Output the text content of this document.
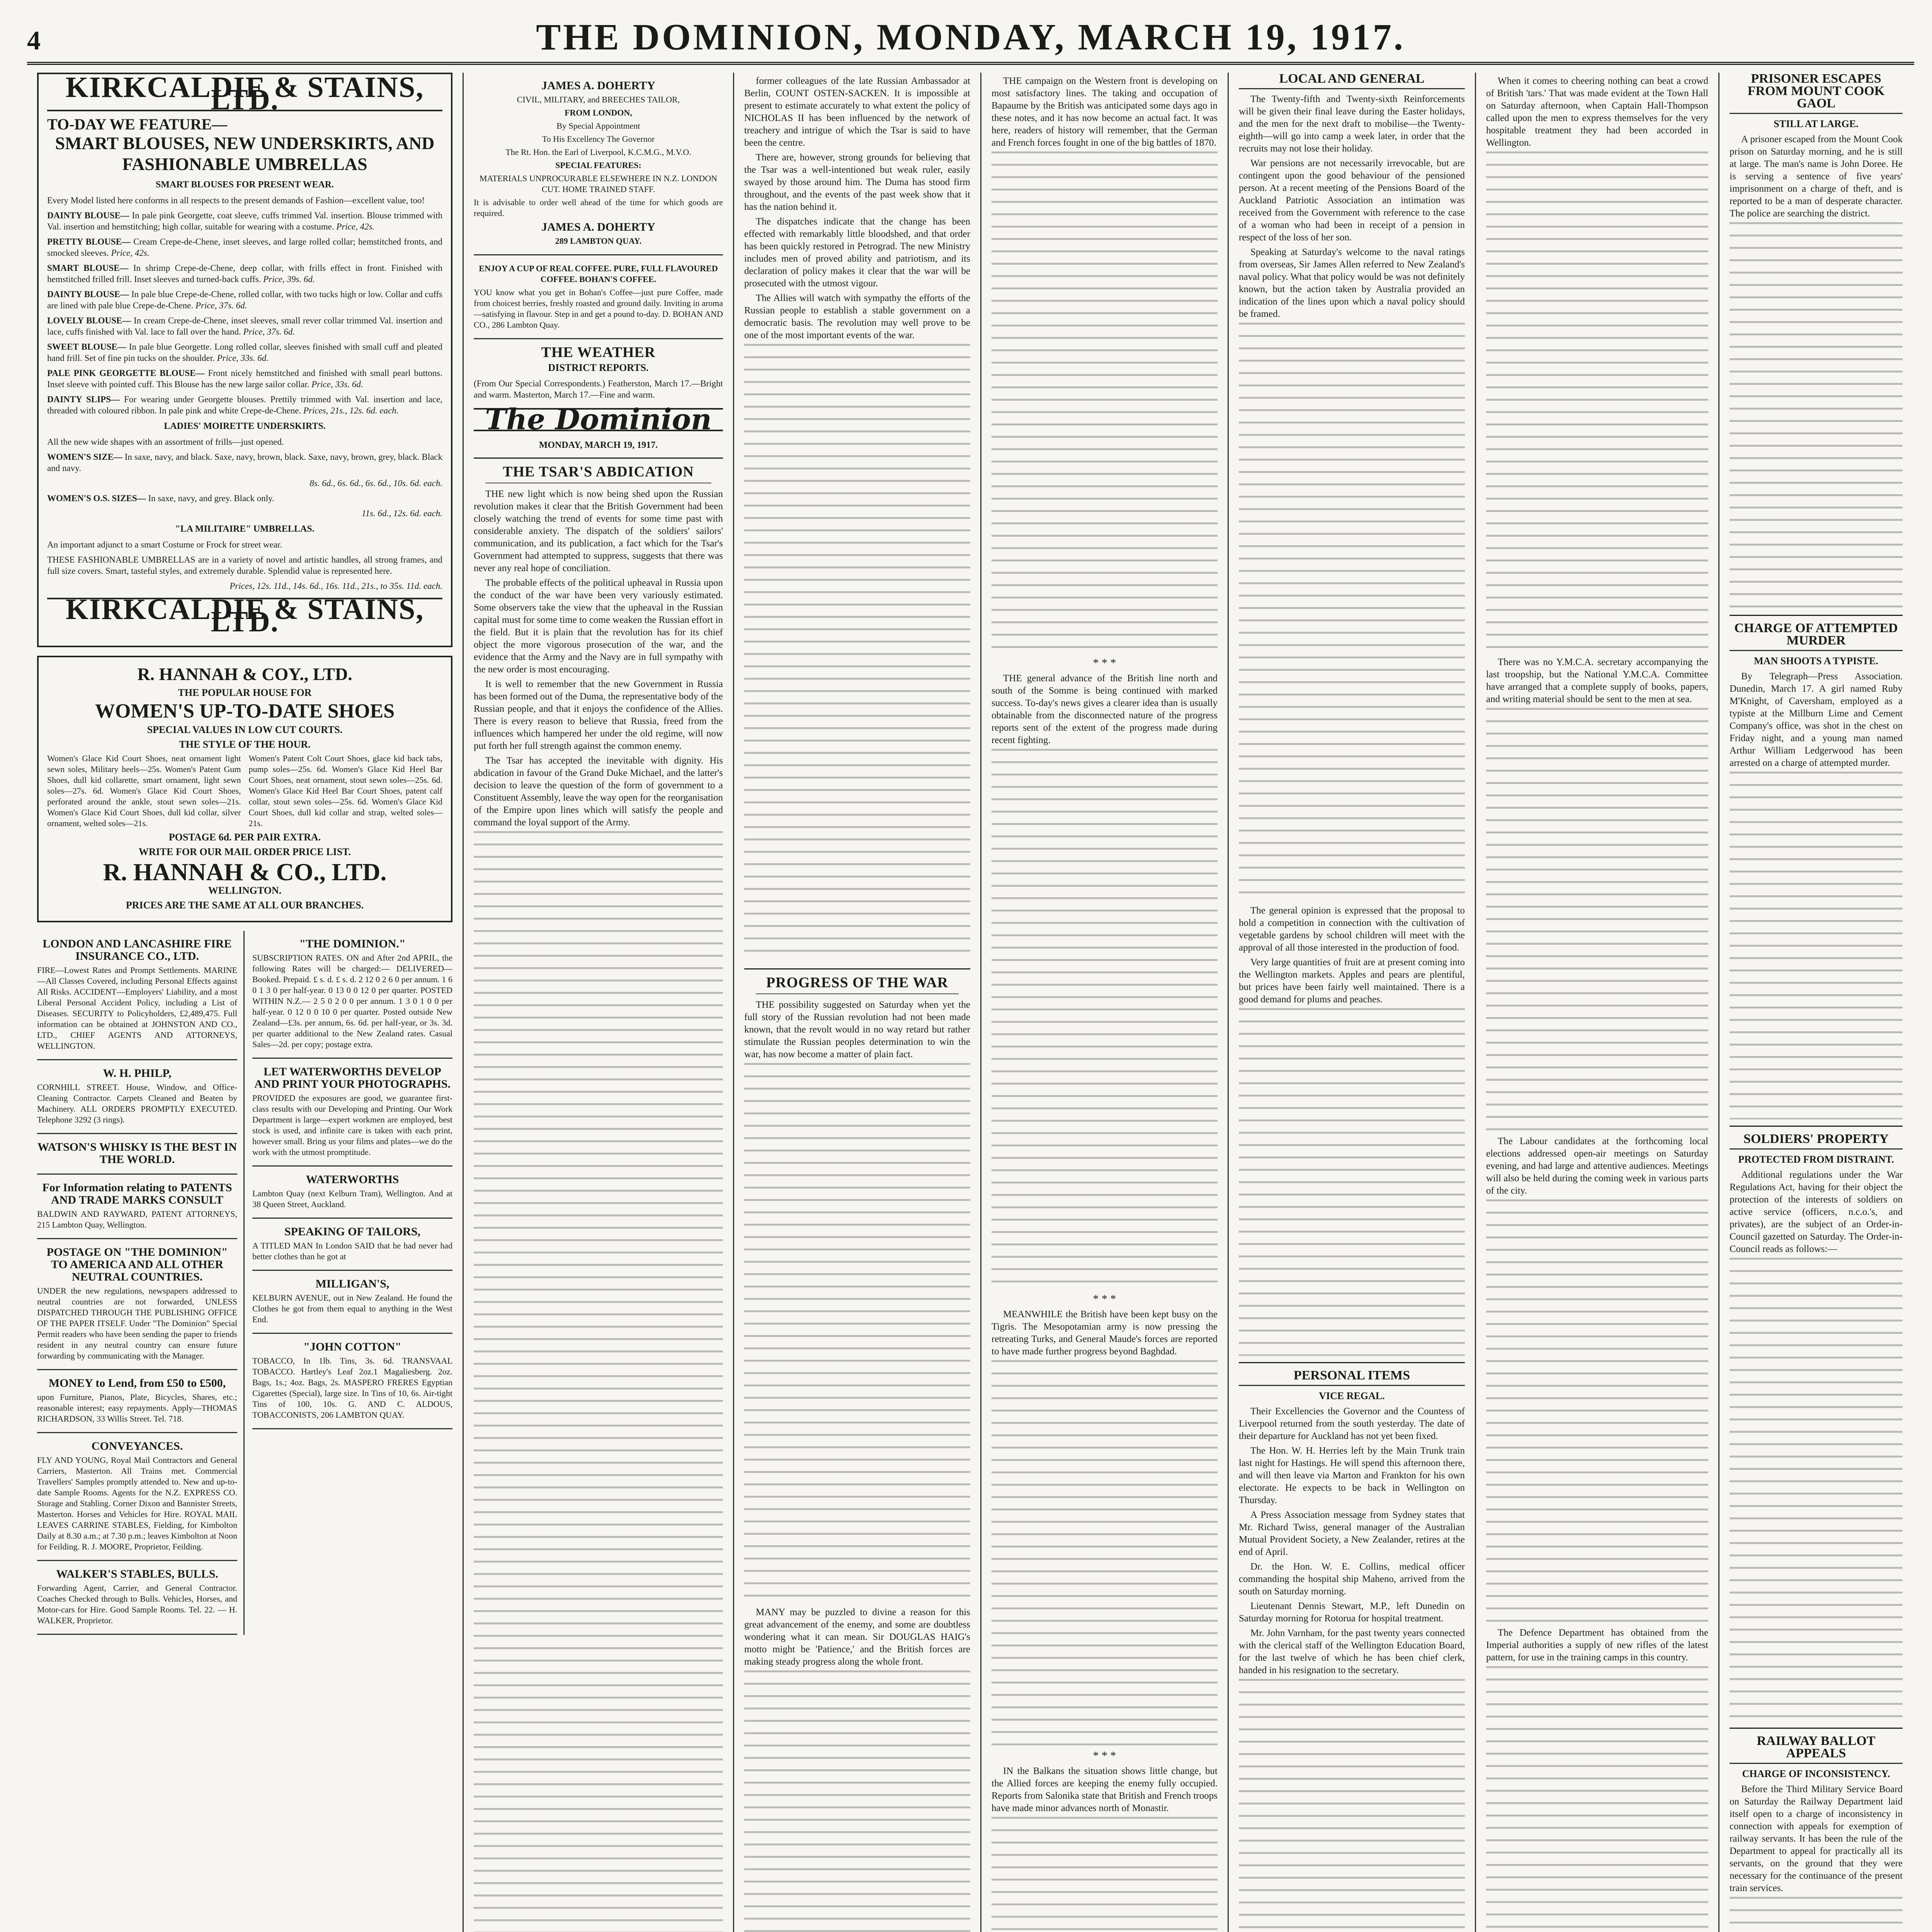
4	THE DOMINION, MONDAY, MARCH 19, 1917.
KIRKCALDIE & STAINS, LTD.
TO-DAY WE FEATURE—
SMART BLOUSES, NEW UNDERSKIRTS, AND FASHIONABLE UMBRELLAS
SMART BLOUSES FOR PRESENT WEAR.
Every Model listed here conforms in all respects to the present demands of Fashion—excellent value, too!
DAINTY BLOUSE— In pale pink Georgette, coat sleeve, cuffs trimmed Val. insertion. Blouse trimmed with Val. insertion and hemstitching; high collar, suitable for wearing with a costume. Price, 42s.
PRETTY BLOUSE— Cream Crepe-de-Chene, inset sleeves, and large rolled collar; hemstitched fronts, and smocked sleeves. Price, 42s.
SMART BLOUSE— In shrimp Crepe-de-Chene, deep collar, with frills effect in front. Finished with hemstitched frilled frill. Inset sleeves and turned-back cuffs. Price, 39s. 6d.
DAINTY BLOUSE— In pale blue Crepe-de-Chene, rolled collar, with two tucks high or low. Collar and cuffs are lined with pale blue Crepe-de-Chene. Price, 37s. 6d.
LOVELY BLOUSE— In cream Crepe-de-Chene, inset sleeves, small rever collar trimmed Val. insertion and lace, cuffs finished with Val. lace to fall over the hand. Price, 37s. 6d.
SWEET BLOUSE— In pale blue Georgette. Long rolled collar, sleeves finished with small cuff and pleated hand frill. Set of fine pin tucks on the shoulder. Price, 33s. 6d.
PALE PINK GEORGETTE BLOUSE— Front nicely hemstitched and finished with small pearl buttons. Inset sleeve with pointed cuff. This Blouse has the new large sailor collar. Price, 33s. 6d.
DAINTY SLIPS— For wearing under Georgette blouses. Prettily trimmed with Val. insertion and lace, threaded with coloured ribbon. In pale pink and white Crepe-de-Chene. Prices, 21s., 12s. 6d. each.
LADIES' MOIRETTE UNDERSKIRTS.
All the new wide shapes with an assortment of frills—just opened.
WOMEN'S SIZE— In saxe, navy, and black. Saxe, navy, brown, black. Saxe, navy, brown, grey, black. Black and navy.
8s. 6d., 6s. 6d., 6s. 6d., 10s. 6d. each.
WOMEN'S O.S. SIZES— In saxe, navy, and grey. Black only.
11s. 6d., 12s. 6d. each.
"LA MILITAIRE" UMBRELLAS.
An important adjunct to a smart Costume or Frock for street wear.
THESE FASHIONABLE UMBRELLAS are in a variety of novel and artistic handles, all strong frames, and full size covers. Smart, tasteful styles, and extremely durable. Splendid value is represented here.
Prices, 12s. 11d., 14s. 6d., 16s. 11d., 21s., to 35s. 11d. each.
KIRKCALDIE & STAINS, LTD.
R. HANNAH & COY., LTD.
THE POPULAR HOUSE FOR
WOMEN'S UP-TO-DATE SHOES
SPECIAL VALUES IN LOW CUT COURTS.
THE STYLE OF THE HOUR.
Women's Glace Kid Court Shoes, neat ornament light sewn soles, Military heels—25s. Women's Patent Gum Shoes, dull kid collarette, smart ornament, light sewn soles—27s. 6d. Women's Glace Kid Court Shoes, perforated around the ankle, stout sewn soles—21s. Women's Glace Kid Court Shoes, dull kid collar, silver ornament, welted soles—21s.
Women's Patent Colt Court Shoes, glace kid back tabs, pump soles—25s. 6d. Women's Glace Kid Heel Bar Court Shoes, neat ornament, stout sewn soles—25s. 6d. Women's Glace Kid Heel Bar Court Shoes, patent calf collar, stout sewn soles—25s. 6d. Women's Glace Kid Court Shoes, dull kid collar and strap, welted soles—21s.
POSTAGE 6d. PER PAIR EXTRA.
WRITE FOR OUR MAIL ORDER PRICE LIST.
R. HANNAH & CO., LTD.
WELLINGTON.
PRICES ARE THE SAME AT ALL OUR BRANCHES.
LONDON AND LANCASHIRE FIRE INSURANCE CO., LTD.

FIRE—Lowest Rates and Prompt Settlements. MARINE—All Classes Covered, including Personal Effects against All Risks. ACCIDENT—Employers' Liability, and a most Liberal Personal Accident Policy, including a List of Diseases. SECURITY to Policyholders, £2,489,475. Full information can be obtained at JOHNSTON AND CO., LTD., CHIEF AGENTS AND ATTORNEYS, WELLINGTON.

W. H. PHILP,

CORNHILL STREET. House, Window, and Office-Cleaning Contractor. Carpets Cleaned and Beaten by Machinery. ALL ORDERS PROMPTLY EXECUTED. Telephone 3292 (3 rings).

WATSON'S WHISKY IS THE BEST IN THE WORLD.

For Information relating to PATENTS AND TRADE MARKS CONSULT

BALDWIN AND RAYWARD, PATENT ATTORNEYS, 215 Lambton Quay, Wellington.

POSTAGE ON "THE DOMINION" TO AMERICA AND ALL OTHER NEUTRAL COUNTRIES.

UNDER the new regulations, newspapers addressed to neutral countries are not forwarded, UNLESS DISPATCHED THROUGH THE PUBLISHING OFFICE OF THE PAPER ITSELF. Under "The Dominion" Special Permit readers who have been sending the paper to friends resident in any neutral country can ensure future forwarding by communicating with the Manager.

MONEY to Lend, from £50 to £500,

upon Furniture, Pianos, Plate, Bicycles, Shares, etc.; reasonable interest; easy repayments. Apply—THOMAS RICHARDSON, 33 Willis Street. Tel. 718.

CONVEYANCES.

FLY AND YOUNG, Royal Mail Contractors and General Carriers, Masterton. All Trains met. Commercial Travellers' Samples promptly attended to. New and up-to-date Sample Rooms. Agents for the N.Z. EXPRESS CO. Storage and Stabling. Corner Dixon and Bannister Streets, Masterton. Horses and Vehicles for Hire. ROYAL MAIL LEAVES CARRINE STABLES, Fielding, for Kimbolton Daily at 8.30 a.m.; at 7.30 p.m.; leaves Kimbolton at Noon for Feilding. R. J. MOORE, Proprietor, Feilding.

WALKER'S STABLES, BULLS.

Forwarding Agent, Carrier, and General Contractor. Coaches Checked through to Bulls. Vehicles, Horses, and Motor-cars for Hire. Good Sample Rooms. Tel. 22. — H. WALKER, Proprietor.

"THE DOMINION."

SUBSCRIPTION RATES. ON and After 2nd APRIL, the following Rates will be charged:— DELIVERED— Booked. Prepaid. £ s. d. £ s. d. 2 12 0 2 6 0 per annum. 1 6 0 1 3 0 per half-year. 0 13 0 0 12 0 per quarter. POSTED WITHIN N.Z.— 2 5 0 2 0 0 per annum. 1 3 0 1 0 0 per half-year. 0 12 0 0 10 0 per quarter. Posted outside New Zealand—£3s. per annum, 6s. 6d. per half-year, or 3s. 3d. per quarter additional to the New Zealand rates. Casual Sales—2d. per copy; postage extra.

LET WATERWORTHS DEVELOP AND PRINT YOUR PHOTOGRAPHS.

PROVIDED the exposures are good, we guarantee first-class results with our Developing and Printing. Our Work Department is large—expert workmen are employed, best stock is used, and infinite care is taken with each print, however small. Bring us your films and plates—we do the work with the utmost promptitude.

WATERWORTHS

Lambton Quay (next Kelburn Tram), Wellington. And at 38 Queen Street, Auckland.

SPEAKING OF TAILORS,

A TITLED MAN In London SAID that he had never had better clothes than he got at

MILLIGAN'S,

KELBURN AVENUE, out in New Zealand. He found the Clothes he got from them equal to anything in the West End.

"JOHN COTTON"

TOBACCO, In 1lb. Tins, 3s. 6d. TRANSVAAL TOBACCO. Hartley's Leaf 2oz.1 Magaliesberg. 2oz. Bags, 1s.; 4oz. Bags, 2s. MASPERO FRERES Egyptian Cigarettes (Special), large size. In Tins of 10, 6s. Air-tight Tins of 100, 10s. G. AND C. ALDOUS, TOBACCONISTS, 206 LAMBTON QUAY.

JAMES A. DOHERTY

CIVIL, MILITARY, and BREECHES TAILOR,

FROM LONDON,

By Special Appointment

To His Excellency The Governor

The Rt. Hon. the Earl of Liverpool, K.C.M.G., M.V.O.

SPECIAL FEATURES:

MATERIALS UNPROCURABLE ELSEWHERE IN N.Z. LONDON CUT. HOME TRAINED STAFF.

It is advisable to order well ahead of the time for which goods are required.

JAMES A. DOHERTY

289 LAMBTON QUAY.

ENJOY A CUP OF REAL COFFEE. PURE, FULL FLAVOURED COFFEE. BOHAN'S COFFEE.

YOU know what you get in Bohan's Coffee—just pure Coffee, made from choicest berries, freshly roasted and ground daily. Inviting in aroma—satisfying in flavour. Step in and get a pound to-day. D. BOHAN AND CO., 286 Lambton Quay.

THE WEATHER
DISTRICT REPORTS.
(From Our Special Correspondents.) Featherston, March 17.—Bright and warm. Masterton, March 17.—Fine and warm.
The Dominion
MONDAY, MARCH 19, 1917.
THE TSAR'S ABDICATION
THE new light which is now being shed upon the Russian revolution makes it clear that the British Government had been closely watching the trend of events for some time past with considerable anxiety. The dispatch of the soldiers' sailors' communication, and its publication, a fact which for the Tsar's Government had attempted to suppress, suggests that there was never any real hope of conciliation.
The probable effects of the political upheaval in Russia upon the conduct of the war have been very variously estimated. Some observers take the view that the upheaval in the Russian capital must for some time to come weaken the Russian effort in the field. But it is plain that the revolution has for its chief object the more vigorous prosecution of the war, and the evidence that the Army and the Navy are in full sympathy with the new order is most encouraging.
It is well to remember that the new Government in Russia has been formed out of the Duma, the representative body of the Russian people, and that it enjoys the confidence of the Allies. There is every reason to believe that Russia, freed from the influences which hampered her under the old regime, will now put forth her full strength against the common enemy.
The Tsar has accepted the inevitable with dignity. His abdication in favour of the Grand Duke Michael, and the latter's decision to leave the question of the form of government to a Constituent Assembly, leave the way open for the reorganisation of the Empire upon lines which will satisfy the people and command the loyal support of the Army.
former colleagues of the late Russian Ambassador at Berlin, COUNT OSTEN-SACKEN. It is impossible at present to estimate accurately to what extent the policy of NICHOLAS II has been influenced by the network of treachery and intrigue of which the Tsar is said to have been the centre.
There are, however, strong grounds for believing that the Tsar was a well-intentioned but weak ruler, easily swayed by those around him. The Duma has stood firm throughout, and the events of the past week show that it has the nation behind it.
The dispatches indicate that the change has been effected with remarkably little bloodshed, and that order has been quickly restored in Petrograd. The new Ministry includes men of proved ability and patriotism, and its declaration of policy makes it clear that the war will be prosecuted with the utmost vigour.
The Allies will watch with sympathy the efforts of the Russian people to establish a stable government on a democratic basis. The revolution may well prove to be one of the most important events of the war.
PROGRESS OF THE WAR
THE possibility suggested on Saturday when yet the full story of the Russian revolution had not been made known, that the revolt would in no way retard but rather stimulate the Russian peoples determination to win the war, has now become a matter of plain fact.
MANY may be puzzled to divine a reason for this great advancement of the enemy, and some are doubtless wondering what it can mean. Sir DOUGLAS HAIG's motto might be 'Patience,' and the British forces are making steady progress along the whole front.
THE campaign on the Western front is developing on most satisfactory lines. The taking and occupation of Bapaume by the British was anticipated some days ago in these notes, and it has now become an actual fact. It was here, readers of history will remember, that the German and French forces fought in one of the big battles of 1870.
* * *
THE general advance of the British line north and south of the Somme is being continued with marked success. To-day's news gives a clearer idea than is usually obtainable from the disconnected nature of the progress reports sent of the extent of the progress made during recent fighting.
* * *
MEANWHILE the British have been kept busy on the Tigris. The Mesopotamian army is now pressing the retreating Turks, and General Maude's forces are reported to have made further progress beyond Baghdad.
* * *
IN the Balkans the situation shows little change, but the Allied forces are keeping the enemy fully occupied. Reports from Salonika state that British and French troops have made minor advances north of Monastir.
LOCAL AND GENERAL
The Twenty-fifth and Twenty-sixth Reinforcements will be given their final leave during the Easter holidays, and the men for the next draft to mobilise—the Twenty-eighth—will go into camp a week later, in order that the recruits may not lose their holiday.
War pensions are not necessarily irrevocable, but are contingent upon the good behaviour of the pensioned person. At a recent meeting of the Pensions Board of the Auckland Patriotic Association an intimation was received from the Government with reference to the case of a woman who had been in receipt of a pension in respect of the loss of her son.
Speaking at Saturday's welcome to the naval ratings from overseas, Sir James Allen referred to New Zealand's naval policy. What that policy would be was not definitely known, but the action taken by Australia provided an indication of the lines upon which a naval policy should be framed.
The general opinion is expressed that the proposal to hold a competition in connection with the cultivation of vegetable gardens by school children will meet with the approval of all those interested in the production of food.
Very large quantities of fruit are at present coming into the Wellington markets. Apples and pears are plentiful, but prices have been fairly well maintained. There is a good demand for plums and peaches.
PERSONAL ITEMS
VICE REGAL.
Their Excellencies the Governor and the Countess of Liverpool returned from the south yesterday. The date of their departure for Auckland has not yet been fixed.
The Hon. W. H. Herries left by the Main Trunk train last night for Hastings. He will spend this afternoon there, and will then leave via Marton and Frankton for his own electorate. He expects to be back in Wellington on Thursday.
A Press Association message from Sydney states that Mr. Richard Twiss, general manager of the Australian Mutual Provident Society, a New Zealander, retires at the end of April.
Dr. the Hon. W. E. Collins, medical officer commanding the hospital ship Maheno, arrived from the south on Saturday morning.
Lieutenant Dennis Stewart, M.P., left Dunedin on Saturday morning for Rotorua for hospital treatment.
Mr. John Varnham, for the past twenty years connected with the clerical staff of the Wellington Education Board, for the last twelve of which he has been chief clerk, handed in his resignation to the secretary.
When it comes to cheering nothing can beat a crowd of British 'tars.' That was made evident at the Town Hall on Saturday afternoon, when Captain Hall-Thompson called upon the men to express themselves for the very hospitable treatment they had been accorded in Wellington.
There was no Y.M.C.A. secretary accompanying the last troopship, but the National Y.M.C.A. Committee have arranged that a complete supply of books, papers, and writing material should be sent to the men at sea.
The Labour candidates at the forthcoming local elections addressed open-air meetings on Saturday evening, and had large and attentive audiences. Meetings will also be held during the coming week in various parts of the city.
The Defence Department has obtained from the Imperial authorities a supply of new rifles of the latest pattern, for use in the training camps in this country.
PRISONER ESCAPES FROM MOUNT COOK GAOL
STILL AT LARGE.
A prisoner escaped from the Mount Cook prison on Saturday morning, and he is still at large. The man's name is John Doree. He is serving a sentence of five years' imprisonment on a charge of theft, and is reported to be a man of desperate character. The police are searching the district.
CHARGE OF ATTEMPTED MURDER
MAN SHOOTS A TYPISTE.
By Telegraph—Press Association. Dunedin, March 17. A girl named Ruby M'Knight, of Caversham, employed as a typiste at the Millburn Lime and Cement Company's office, was shot in the chest on Friday night, and a young man named Arthur William Ledgerwood has been arrested on a charge of attempted murder.
SOLDIERS' PROPERTY
PROTECTED FROM DISTRAINT.
Additional regulations under the War Regulations Act, having for their object the protection of the interests of soldiers on active service (officers, n.c.o.'s, and privates), are the subject of an Order-in-Council gazetted on Saturday. The Order-in-Council reads as follows:—
RAILWAY BALLOT APPEALS
CHARGE OF INCONSISTENCY.
Before the Third Military Service Board on Saturday the Railway Department laid itself open to a charge of inconsistency in connection with appeals for exemption of railway servants. It has been the rule of the Department to appeal for practically all its servants, on the ground that they were necessary for the continuance of the present train services.
